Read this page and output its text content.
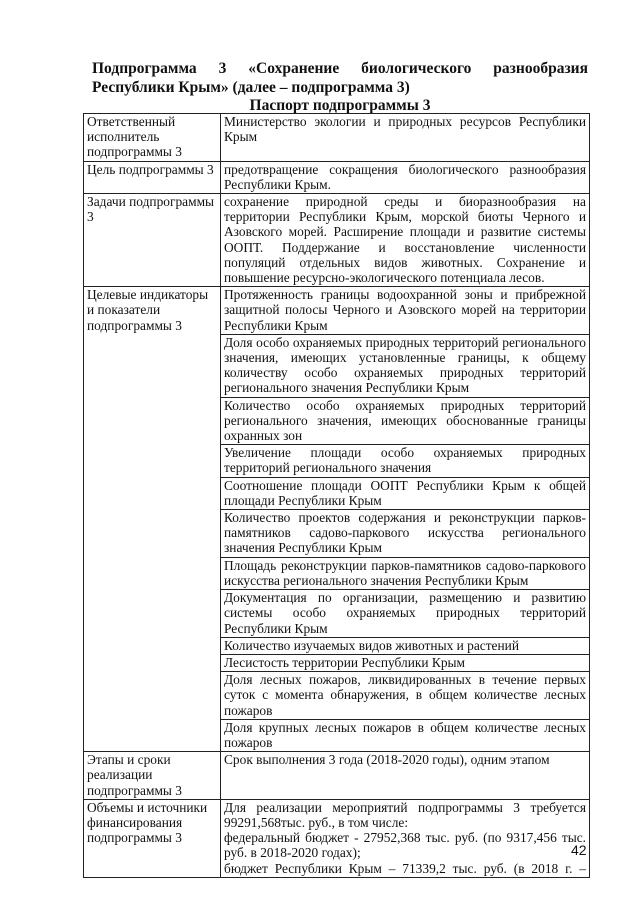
Подпрограмма 3 «Сохранение биологического разнообразия
Республики Крым» (далее – подпрограмма 3)
Паспорт подпрограммы 3
Ответственный исполнитель подпрограммы 3	Министерство экологии и природных ресурсов Республики Крым
Цель подпрограммы 3	предотвращение сокращения биологического разнообразия Республики Крым.
Задачи подпрограммы 3	сохранение природной среды и биоразнообразия на территории Республики Крым, морской биоты Черного и Азовского морей. Расширение площади и развитие системы ООПТ. Поддержание и восстановление численности популяций отдельных видов животных. Сохранение и повышение ресурсно-экологического потенциала лесов.
Целевые индикаторы и показатели подпрограммы 3	Протяженность границы водоохранной зоны и прибрежной защитной полосы Черного и Азовского морей на территории Республики Крым
	Доля особо охраняемых природных территорий регионального значения, имеющих установленные границы, к общему количеству особо охраняемых природных территорий регионального значения Республики Крым
	Количество особо охраняемых природных территорий регионального значения, имеющих обоснованные границы охранных зон
	Увеличение площади особо охраняемых природных территорий регионального значения
	Соотношение площади ООПТ Республики Крым к общей площади Республики Крым
	Количество проектов содержания и реконструкции парков-памятников садово-паркового искусства регионального значения Республики Крым
	Площадь реконструкции парков-памятников садово-паркового искусства регионального значения Республики Крым
	Документация по организации, размещению и развитию системы особо охраняемых природных территорий Республики Крым
	Количество изучаемых видов животных и растений
	Лесистость территории Республики Крым
	Доля лесных пожаров, ликвидированных в течение первых суток с момента обнаружения, в общем количестве лесных пожаров
	Доля крупных лесных пожаров в общем количестве лесных пожаров
Этапы и сроки реализации подпрограммы 3	Срок выполнения 3 года (2018-2020 годы), одним этапом
Объемы и источники финансирования подпрограммы 3	Для реализации мероприятий подпрограммы 3 требуется 99291,568тыс. руб., в том числе:
федеральный бюджет - 27952,368 тыс. руб. (по 9317,456 тыс. руб. в 2018-2020 годах);
бюджет Республики Крым – 71339,2 тыс. руб. (в 2018 г. –
42
